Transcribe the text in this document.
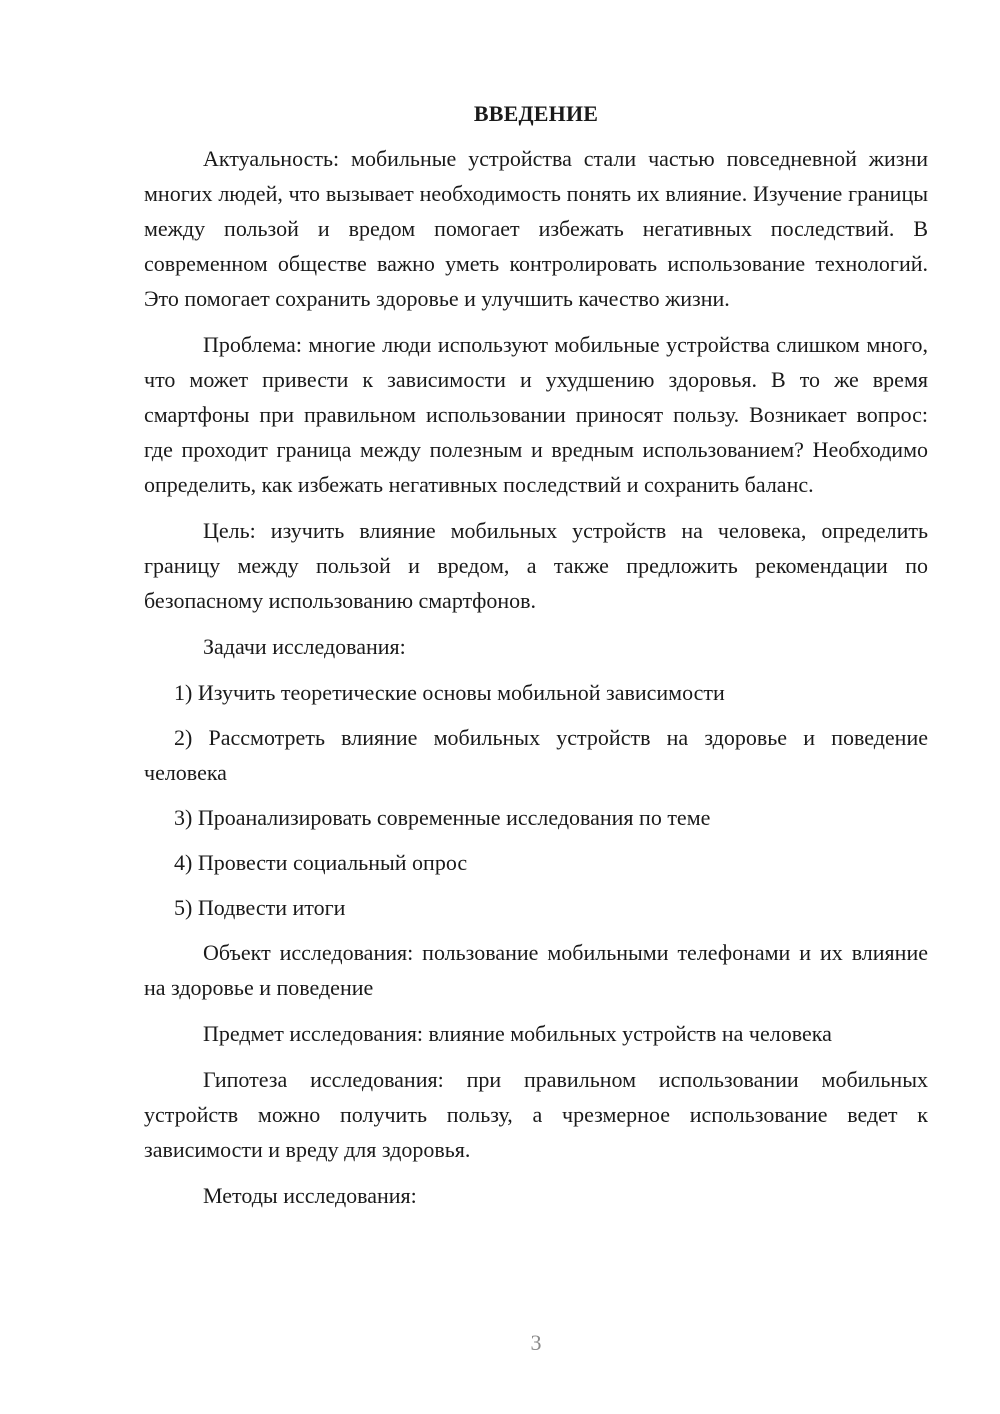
ВВЕДЕНИЕ

Актуальность: мобильные устройства стали частью повседневной жизни многих людей, что вызывает необходимость понять их влияние. Изучение границы между пользой и вредом помогает избежать негативных последствий. В современном обществе важно уметь контролировать использование технологий. Это помогает сохранить здоровье и улучшить качество жизни.

Проблема: многие люди используют мобильные устройства слишком много, что может привести к зависимости и ухудшению здоровья. В то же время смартфоны при правильном использовании приносят пользу. Возникает вопрос: где проходит граница между полезным и вредным использованием? Необходимо определить, как избежать негативных последствий и сохранить баланс.

Цель: изучить влияние мобильных устройств на человека, определить границу между пользой и вредом, а также предложить рекомендации по безопасному использованию смартфонов.

Задачи исследования:

1) Изучить теоретические основы мобильной зависимости

2) Рассмотреть влияние мобильных устройств на здоровье и поведение человека

3) Проанализировать современные исследования по теме

4) Провести социальный опрос

5) Подвести итоги

Объект исследования: пользование мобильными телефонами и их влияние на здоровье и поведение

Предмет исследования: влияние мобильных устройств на человека

Гипотеза исследования: при правильном использовании мобильных устройств можно получить пользу, а чрезмерное использование ведет к зависимости и вреду для здоровья.

Методы исследования:

3
